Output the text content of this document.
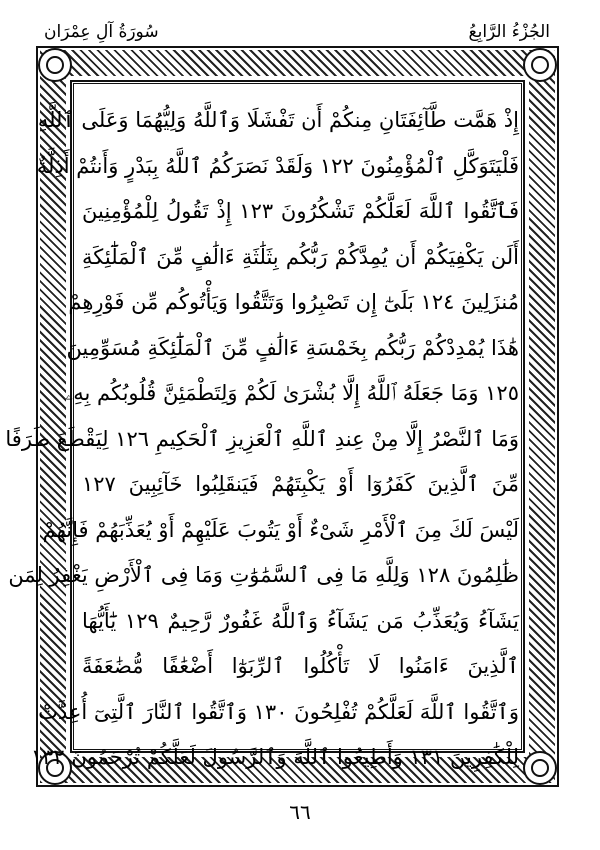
الجُزْءُ الرَّابِعُ
سُورَةُ آلِ عِمْرَان
إِذْ هَمَّت طَّآئِفَتَانِ مِنكُمْ أَن تَفْشَلَا وَٱللَّهُ وَلِيُّهُمَا وَعَلَى ٱللَّهِ
فَلْيَتَوَكَّلِ ٱلْمُؤْمِنُونَ ١٢٢ وَلَقَدْ نَصَرَكُمُ ٱللَّهُ بِبَدْرٍ وَأَنتُمْ أَذِلَّةٌ
فَٱتَّقُوا ٱللَّهَ لَعَلَّكُمْ تَشْكُرُونَ ١٢٣ إِذْ تَقُولُ لِلْمُؤْمِنِينَ
أَلَن يَكْفِيَكُمْ أَن يُمِدَّكُمْ رَبُّكُم بِثَلَٰثَةِ ءَالَٰفٍ مِّنَ ٱلْمَلَٰٓئِكَةِ
مُنزَلِينَ ١٢٤ بَلَىٰٓ إِن تَصْبِرُوا وَتَتَّقُوا وَيَأْتُوكُم مِّن فَوْرِهِمْ
هَٰذَا يُمْدِدْكُمْ رَبُّكُم بِخَمْسَةِ ءَالَٰفٍ مِّنَ ٱلْمَلَٰٓئِكَةِ مُسَوِّمِينَ
١٢٥ وَمَا جَعَلَهُ ٱللَّهُ إِلَّا بُشْرَىٰ لَكُمْ وَلِتَطْمَئِنَّ قُلُوبُكُم بِهِۦ
وَمَا ٱلنَّصْرُ إِلَّا مِنْ عِندِ ٱللَّهِ ٱلْعَزِيزِ ٱلْحَكِيمِ ١٢٦ لِيَقْطَعَ طَرَفًا
مِّنَ ٱلَّذِينَ كَفَرُوٓا أَوْ يَكْبِتَهُمْ فَيَنقَلِبُوا خَآئِبِينَ ١٢٧
لَيْسَ لَكَ مِنَ ٱلْأَمْرِ شَىْءٌ أَوْ يَتُوبَ عَلَيْهِمْ أَوْ يُعَذِّبَهُمْ فَإِنَّهُمْ
ظَٰلِمُونَ ١٢٨ وَلِلَّهِ مَا فِى ٱلسَّمَٰوَٰتِ وَمَا فِى ٱلْأَرْضِ يَغْفِرُ لِمَن
يَشَآءُ وَيُعَذِّبُ مَن يَشَآءُ وَٱللَّهُ غَفُورٌ رَّحِيمٌ ١٢٩ يَٰٓأَيُّهَا
ٱلَّذِينَ ءَامَنُوا لَا تَأْكُلُوا ٱلرِّبَوٰٓا أَضْعَٰفًا مُّضَٰعَفَةً
وَٱتَّقُوا ٱللَّهَ لَعَلَّكُمْ تُفْلِحُونَ ١٣٠ وَٱتَّقُوا ٱلنَّارَ ٱلَّتِىٓ أُعِدَّتْ
لِلْكَٰفِرِينَ ١٣١ وَأَطِيعُوا ٱللَّهَ وَٱلرَّسُولَ لَعَلَّكُمْ تُرْحَمُونَ ١٣٢
٦٦
